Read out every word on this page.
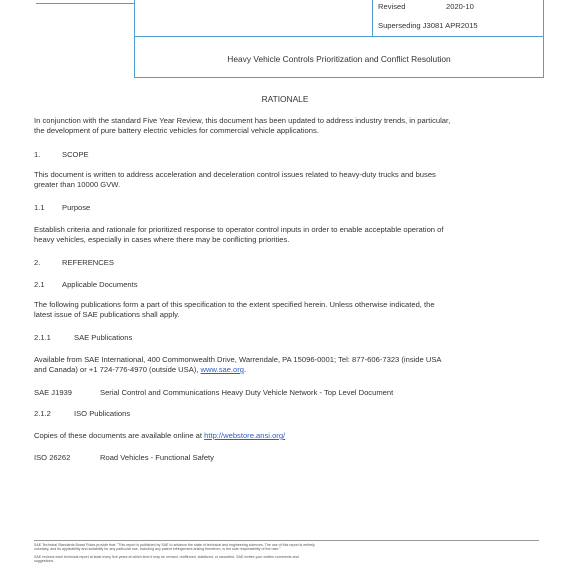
Revised	2020-10
Superseding J3081 APR2015
Heavy Vehicle Controls Prioritization and Conflict Resolution
RATIONALE
In conjunction with the standard Five Year Review, this document has been updated to address industry trends, in particular,
the development of pure battery electric vehicles for commercial vehicle applications.
1.	SCOPE
This document is written to address acceleration and deceleration control issues related to heavy-duty trucks and buses
greater than 10000 GVW.
1.1 Purpose
Establish criteria and rationale for prioritized response to operator control inputs in order to enable acceptable operation of
heavy vehicles, especially in cases where there may be conflicting priorities.
2.	REFERENCES
2.1 Applicable Documents
The following publications form a part of this specification to the extent specified herein. Unless otherwise indicated, the
latest issue of SAE publications shall apply.
2.1.1	SAE Publications
Available from SAE International, 400 Commonwealth Drive, Warrendale, PA 15096-0001; Tel: 877-606-7323 (inside USA
and Canada) or +1 724-776-4970 (outside USA), www.sae.org.
SAE J1939	Serial Control and Communications Heavy Duty Vehicle Network - Top Level Document
2.1.2	ISO Publications
Copies of these documents are available online at http://webstore.ansi.org/
ISO 26262	Road Vehicles - Functional Safety
SAE Technical Standards Board Rules provide that: "This report is published by SAE to advance the state of technical and engineering sciences. The use of this report is entirely
voluntary, and its applicability and suitability for any particular use, including any patent infringement arising therefrom, is the sole responsibility of the user."
SAE reviews each technical report at least every five years at which time it may be revised, reaffirmed, stabilized, or cancelled. SAE invites your written comments and
suggestions.
